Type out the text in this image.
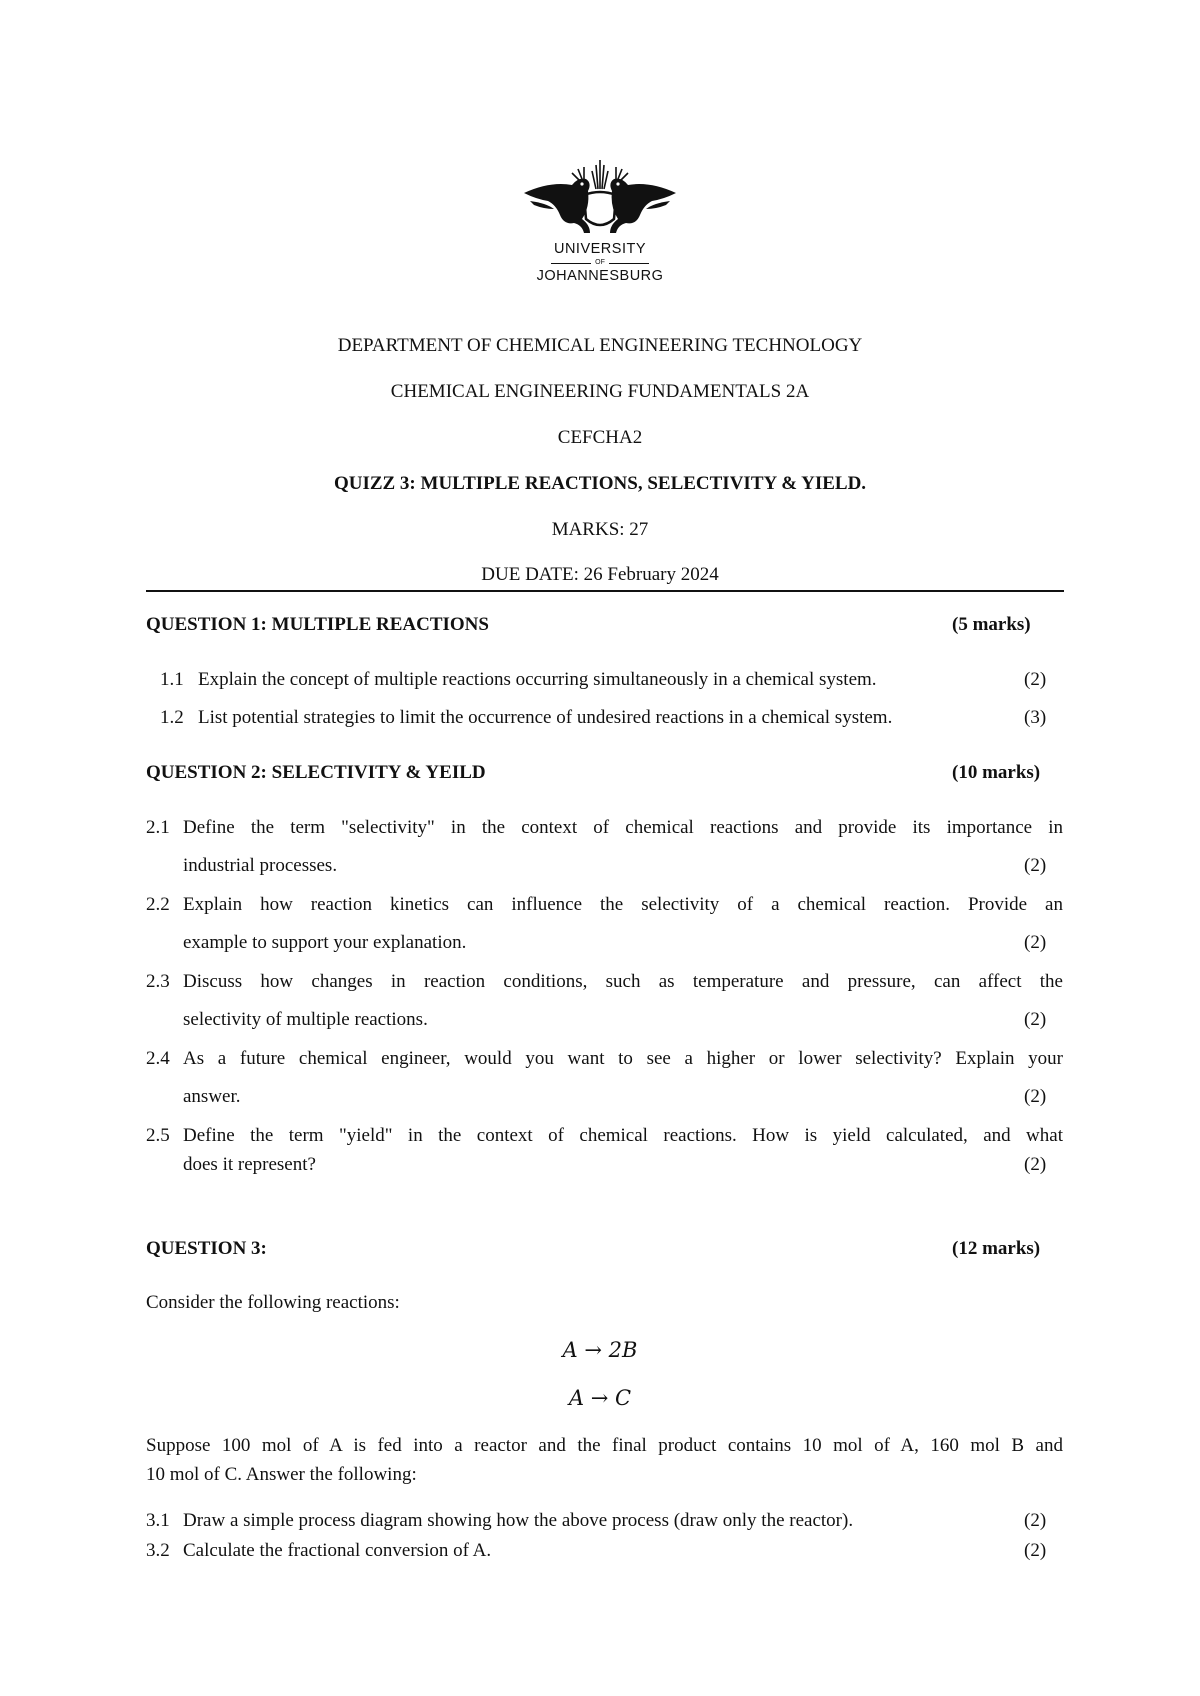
UNIVERSITY
OF
JOHANNESBURG
DEPARTMENT OF CHEMICAL ENGINEERING TECHNOLOGY
CHEMICAL ENGINEERING FUNDAMENTALS 2A
CEFCHA2
QUIZZ 3: MULTIPLE REACTIONS, SELECTIVITY & YIELD.
MARKS: 27
DUE DATE: 26 February 2024
QUESTION 1: MULTIPLE REACTIONS	(5 marks)
1.1 Explain the concept of multiple reactions occurring simultaneously in a chemical system.	(2)
1.2 List potential strategies to limit the occurrence of undesired reactions in a chemical system.	(3)
QUESTION 2: SELECTIVITY & YEILD	(10 marks)
2.1 Define the term "selectivity" in the context of chemical reactions and provide its importance in
industrial processes.	(2)
2.2 Explain how reaction kinetics can influence the selectivity of a chemical reaction. Provide an
example to support your explanation.	(2)
2.3 Discuss how changes in reaction conditions, such as temperature and pressure, can affect the
selectivity of multiple reactions.	(2)
2.4 As a future chemical engineer, would you want to see a higher or lower selectivity? Explain your
answer.	(2)
2.5 Define the term "yield" in the context of chemical reactions. How is yield calculated, and what
does it represent?	(2)
QUESTION 3:	(12 marks)
Consider the following reactions:
A → 2B
A → C
Suppose 100 mol of A is fed into a reactor and the final product contains 10 mol of A, 160 mol B and
10 mol of C. Answer the following:
3.1 Draw a simple process diagram showing how the above process (draw only the reactor).	(2)
3.2 Calculate the fractional conversion of A.	(2)
